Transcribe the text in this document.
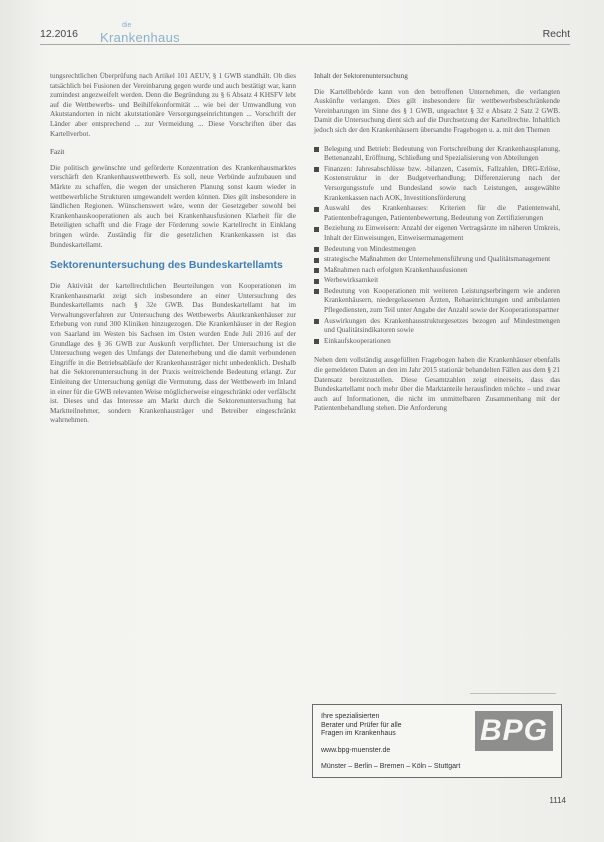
12.2016
die
Krankenhaus	Recht

tungsrechtlichen Überprüfung nach Artikel 101 AEUV, § 1 GWB standhält. Ob dies tatsächlich bei Fusionen der Vereinbarung gegen wurde und auch bestätigt war, kann zumindest angezweifelt werden. Denn die Begründung zu § 6 Absatz 4 KHSFV lebt auf die Wettbewerbs- und Beihilfekonformität ... wie bei der Umwandlung von Akutstandorten in nicht akutstationäre Versorgungseinrichtungen ... Vorschrift der Länder aber entsprechend ... zur Vermeidung ... Diese Vorschriften über das Kartellverbot.

Fazit

Die politisch gewünschte und geförderte Konzentration des Krankenhausmarktes verschärft den Krankenhauswettbewerb. Es soll, neue Verbünde aufzubauen und Märkte zu schaffen, die wegen der unsicheren Planung sonst kaum wieder in wettbewerbliche Strukturen umgewandelt werden können. Dies gilt insbesondere in ländlichen Regionen. Wünschenswert wäre, wenn der Gesetzgeber sowohl bei Krankenhauskooperationen als auch bei Krankenhausfusionen Klarheit für die Beteiligten schafft und die Frage der Förderung sowie Kartellrecht in Einklang bringen würde. Zuständig für die gesetzlichen Krankenkassen ist das Bundeskartellamt.

Sektorenuntersuchung des Bundeskartellamts

Die Aktivität der kartellrechtlichen Beurteilungen von Kooperationen im Krankenhausmarkt zeigt sich insbesondere an einer Untersuchung des Bundeskartellamts nach § 32e GWB. Das Bundeskartellamt hat im Verwaltungsverfahren zur Untersuchung des Wettbewerbs Akutkrankenhäuser zur Erhebung von rund 300 Kliniken hinzugezogen. Die Krankenhäuser in der Region von Saarland im Westen bis Sachsen im Osten wurden Ende Juli 2016 auf der Grundlage des § 36 GWB zur Auskunft verpflichtet. Der Untersuchung ist die Untersuchung wegen des Umfangs der Datenerhebung und die damit verbundenen Eingriffe in die Betriebsabläufe der Krankenhausträger nicht unbedenklich. Deshalb hat die Sektorenuntersuchung in der Praxis weitreichende Bedeutung erlangt. Zur Einleitung der Untersuchung genügt die Vermutung, dass der Wettbewerb im Inland in einer für die GWB relevanten Weise möglicherweise eingeschränkt oder verfälscht ist. Dieses und das Interesse am Markt durch die Sektorenuntersuchung hat Marktteilnehmer, sondern Krankenhausträger und Betreiber eingeschränkt wahrnehmen.

Inhalt der Sektorenuntersuchung

Die Kartellbehörde kann von den betroffenen Unternehmen, die verlangten Auskünfte verlangen. Dies gilt insbesondere für wettbewerbsbeschränkende Vereinbarungen im Sinne des § 1 GWB, ungeachtet § 32 e Absatz 2 Satz 2 GWB. Damit die Untersuchung dient sich auf die Durchsetzung der Kartellrechte. Inhaltlich jedoch sich der den Krankenhäusern übersandte Fragebogen u. a. mit den Themen

Belegung und Betrieb: Bedeutung von Fortschreibung der Krankenhausplanung, Bettenanzahl, Eröffnung, Schließung und Spezialisierung von Abteilungen
Finanzen: Jahresabschlüsse bzw. -bilanzen, Casemix, Fallzahlen, DRG-Erlöse, Kostenstruktur in der Budgetverhandlung; Differenzierung nach der Versorgungsstufe und Bundesland sowie nach Leistungen, ausgewählte Krankenkassen nach AOK, Investitionsförderung
Auswahl des Krankenhauses: Kriterien für die Patientenwahl, Patientenbefragungen, Patientenbewertung, Bedeutung von Zertifizierungen
Beziehung zu Einweisern: Anzahl der eigenen Vertragsärzte im näheren Umkreis, Inhalt der Einweisungen, Einweisermanagement
Bedeutung von Mindestmengen
strategische Maßnahmen der Unternehmensführung und Qualitätsmanagement
Maßnahmen nach erfolgten Krankenhausfusionen
Werbewirksamkeit
Bedeutung von Kooperationen mit weiteren Leistungserbringern wie anderen Krankenhäusern, niedergelassenen Ärzten, Rehaeinrichtungen und ambulanten Pflegediensten, zum Teil unter Angabe der Anzahl sowie der Kooperationspartner
Auswirkungen des Krankenhausstrukturgesetzes bezogen auf Mindestmengen und Qualitätsindikatoren sowie
Einkaufskooperationen

Neben dem vollständig ausgefüllten Fragebogen haben die Krankenhäuser ebenfalls die gemeldeten Daten an den im Jahr 2015 stationär behandelten Fällen aus dem § 21 Datensatz bereitzustellen. Diese Gesamtzahlen zeigt einerseits, dass das Bundeskartellamt noch mehr über die Marktanteile herausfinden möchte – und zwar auch auf Informationen, die nicht im unmittelbaren Zusammenhang mit der Patientenbehandlung stehen. Die Anforderung

Ihre spezialisierten
Berater und Prüfer für alle
Fragen im Krankenhaus
www.bpg-muenster.de
Münster – Berlin – Bremen – Köln – Stuttgart
BPG
1114
